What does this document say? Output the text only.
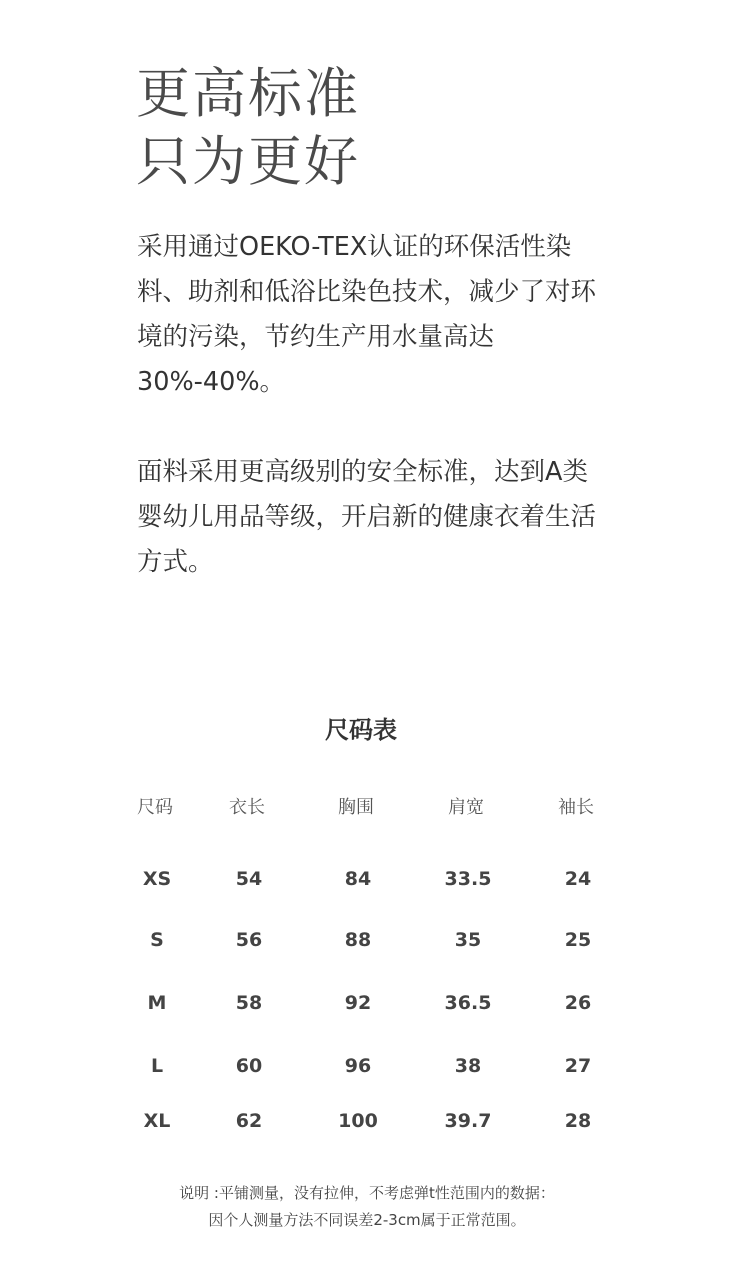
更高标准
只为更好

采用通过OEKO-TEX认证的环保活性染料、助剂和低浴比染色技术，减少了对环境的污染，节约生产用水量高达30%-40%。

面料采用更高级别的安全标准，达到A类婴幼儿用品等级，开启新的健康衣着生活方式。

尺码表
尺码	衣长	胸围	肩宽	袖长
XS	54	84	33.5	24
S	56	88	35	25
M	58	92	36.5	26
L	60	96	38	27
XL	62	100	39.7	28

说明 :平铺测量，没有拉伸，不考虑弹t性范围内的数据：

因个人测量方法不同误差2-3cm属于正常范围。
